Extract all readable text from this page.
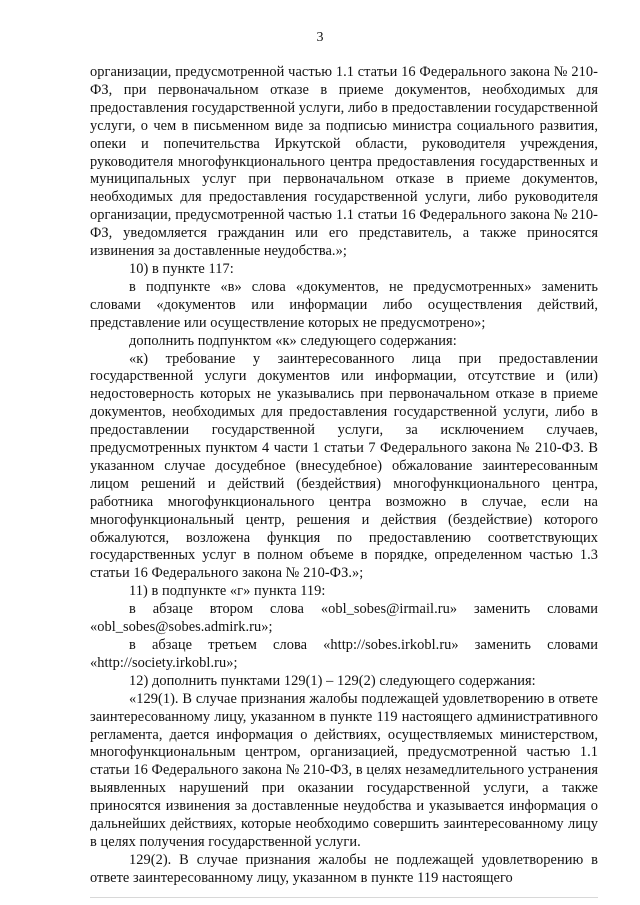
3

организации, предусмотренной частью 1.1 статьи 16 Федерального закона № 210-ФЗ, при первоначальном отказе в приеме документов, необходимых для предоставления государственной услуги, либо в предоставлении государственной услуги, о чем в письменном виде за подписью министра социального развития, опеки и попечительства Иркутской области, руководителя учреждения, руководителя многофункционального центра предоставления государственных и муниципальных услуг при первоначальном отказе в приеме документов, необходимых для предоставления государственной услуги, либо руководителя организации, предусмотренной частью 1.1 статьи 16 Федерального закона № 210-ФЗ, уведомляется гражданин или его представитель, а также приносятся извинения за доставленные неудобства.»;

10) в пункте 117:

в подпункте «в» слова «документов, не предусмотренных» заменить словами «документов или информации либо осуществления действий, представление или осуществление которых не предусмотрено»;

дополнить подпунктом «к» следующего содержания:

«к) требование у заинтересованного лица при предоставлении государственной услуги документов или информации, отсутствие и (или) недостоверность которых не указывались при первоначальном отказе в приеме документов, необходимых для предоставления государственной услуги, либо в предоставлении государственной услуги, за исключением случаев, предусмотренных пунктом 4 части 1 статьи 7 Федерального закона № 210-ФЗ. В указанном случае досудебное (внесудебное) обжалование заинтересованным лицом решений и действий (бездействия) многофункционального центра, работника многофункционального центра возможно в случае, если на многофункциональный центр, решения и действия (бездействие) которого обжалуются, возложена функция по предоставлению соответствующих государственных услуг в полном объеме в порядке, определенном частью 1.3 статьи 16 Федерального закона № 210-ФЗ.»;

11) в подпункте «г» пункта 119:

в абзаце втором слова «obl_sobes@irmail.ru» заменить словами «obl_sobes@sobes.admirk.ru»;

в абзаце третьем слова «http://sobes.irkobl.ru» заменить словами «http://society.irkobl.ru»;

12) дополнить пунктами 129(1) – 129(2) следующего содержания:

«129(1). В случае признания жалобы подлежащей удовлетворению в ответе заинтересованному лицу, указанном в пункте 119 настоящего административного регламента, дается информация о действиях, осуществляемых министерством, многофункциональным центром, организацией, предусмотренной частью 1.1 статьи 16 Федерального закона № 210-ФЗ, в целях незамедлительного устранения выявленных нарушений при оказании государственной услуги, а также приносятся извинения за доставленные неудобства и указывается информация о дальнейших действиях, которые необходимо совершить заинтересованному лицу в целях получения государственной услуги.

129(2). В случае признания жалобы не подлежащей удовлетворению в ответе заинтересованному лицу, указанном в пункте 119 настоящего
